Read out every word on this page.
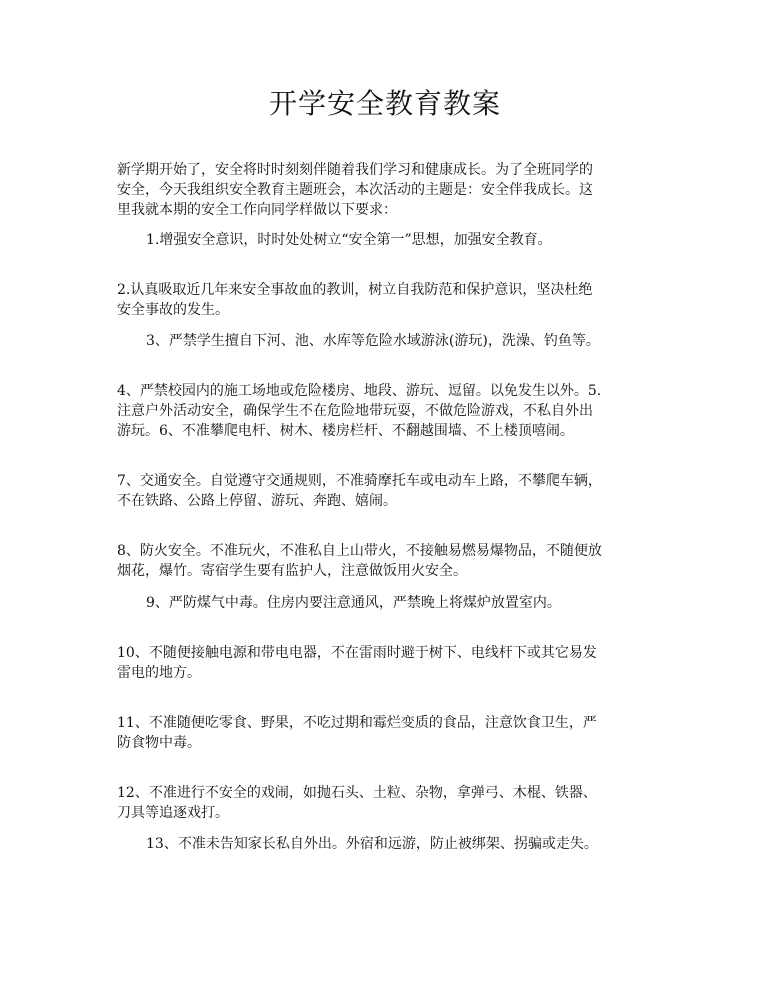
开学安全教育教案

新学期开始了，安全将时时刻刻伴随着我们学习和健康成长。为了全班同学的
安全，今天我组织安全教育主题班会，本次活动的主题是：安全伴我成长。这
里我就本期的安全工作向同学样做以下要求：

1.增强安全意识，时时处处树立“安全第一”思想，加强安全教育。

2.认真吸取近几年来安全事故血的教训，树立自我防范和保护意识，坚决杜绝
安全事故的发生。

3、严禁学生擅自下河、池、水库等危险水域游泳(游玩)，洗澡、钓鱼等。

4、严禁校园内的施工场地或危险楼房、地段、游玩、逗留。以免发生以外。5.
注意户外活动安全，确保学生不在危险地带玩耍，不做危险游戏，不私自外出
游玩。6、不准攀爬电杆、树木、楼房栏杆、不翻越围墙、不上楼顶嘻闹。

7、交通安全。自觉遵守交通规则，不准骑摩托车或电动车上路，不攀爬车辆，
不在铁路、公路上停留、游玩、奔跑、嬉闹。

8、防火安全。不准玩火，不准私自上山带火，不接触易燃易爆物品，不随便放
烟花，爆竹。寄宿学生要有监护人，注意做饭用火安全。

9、严防煤气中毒。住房内要注意通风，严禁晚上将煤炉放置室内。

10、不随便接触电源和带电电器，不在雷雨时避于树下、电线杆下或其它易发
雷电的地方。

11、不准随便吃零食、野果，不吃过期和霉烂变质的食品，注意饮食卫生，严
防食物中毒。

12、不准进行不安全的戏闹，如抛石头、土粒、杂物，拿弹弓、木棍、铁器、
刀具等追逐戏打。

13、不准未告知家长私自外出。外宿和远游，防止被绑架、拐骗或走失。
